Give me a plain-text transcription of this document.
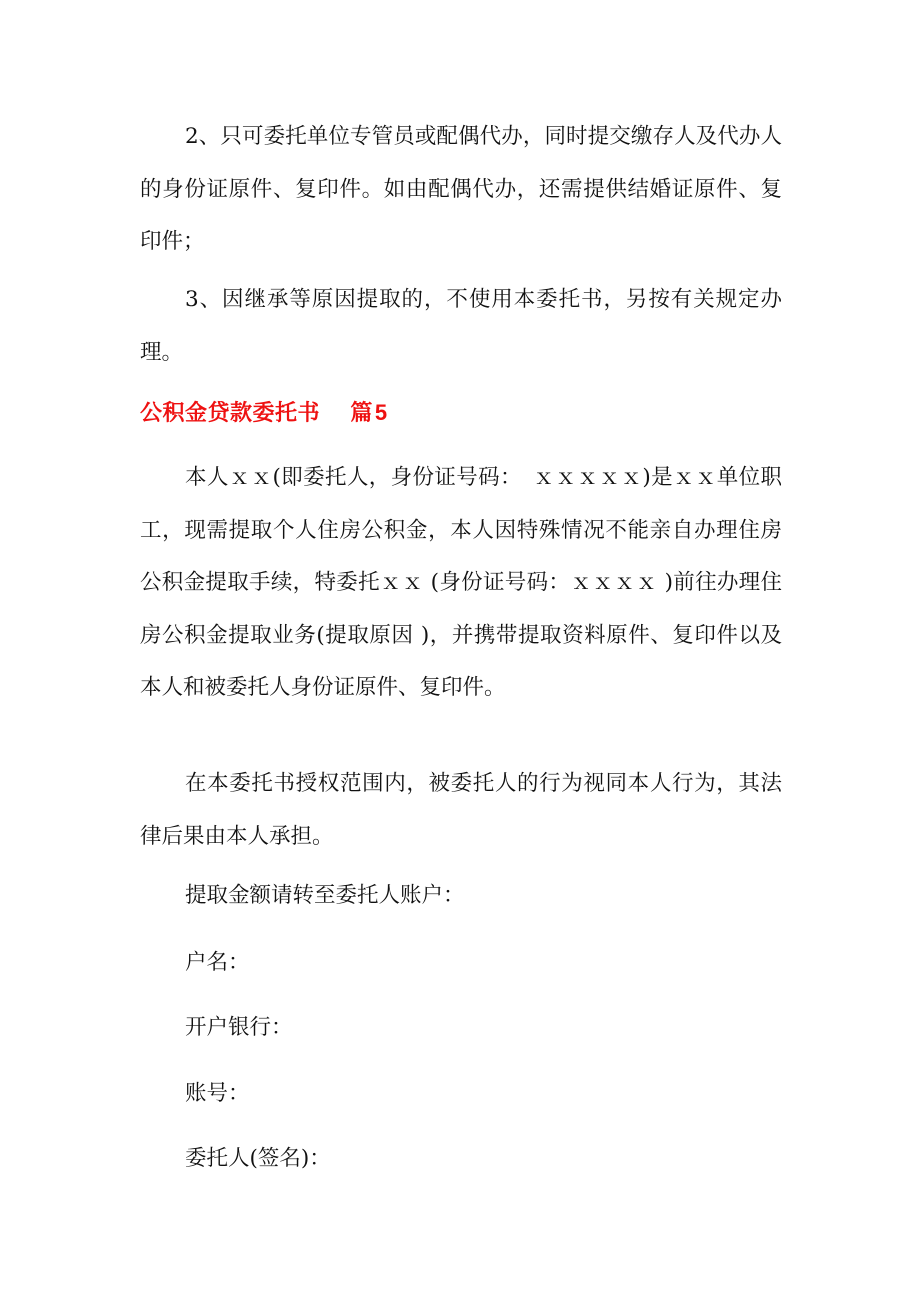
2、只可委托单位专管员或配偶代办，同时提交缴存人及代办人的身份证原件、复印件。如由配偶代办，还需提供结婚证原件、复印件；

3、因继承等原因提取的，不使用本委托书，另按有关规定办理。

公积金贷款委托书 篇5

本人ｘｘ(即委托人，身份证号码：　ｘｘｘｘｘ)是ｘｘ单位职工，现需提取个人住房公积金，本人因特殊情况不能亲自办理住房公积金提取手续，特委托ｘｘ (身份证号码：ｘｘｘｘ )前往办理住房公积金提取业务(提取原因 )，并携带提取资料原件、复印件以及本人和被委托人身份证原件、复印件。

在本委托书授权范围内，被委托人的行为视同本人行为，其法律后果由本人承担。

提取金额请转至委托人账户：

户名：

开户银行：

账号：

委托人(签名)：
